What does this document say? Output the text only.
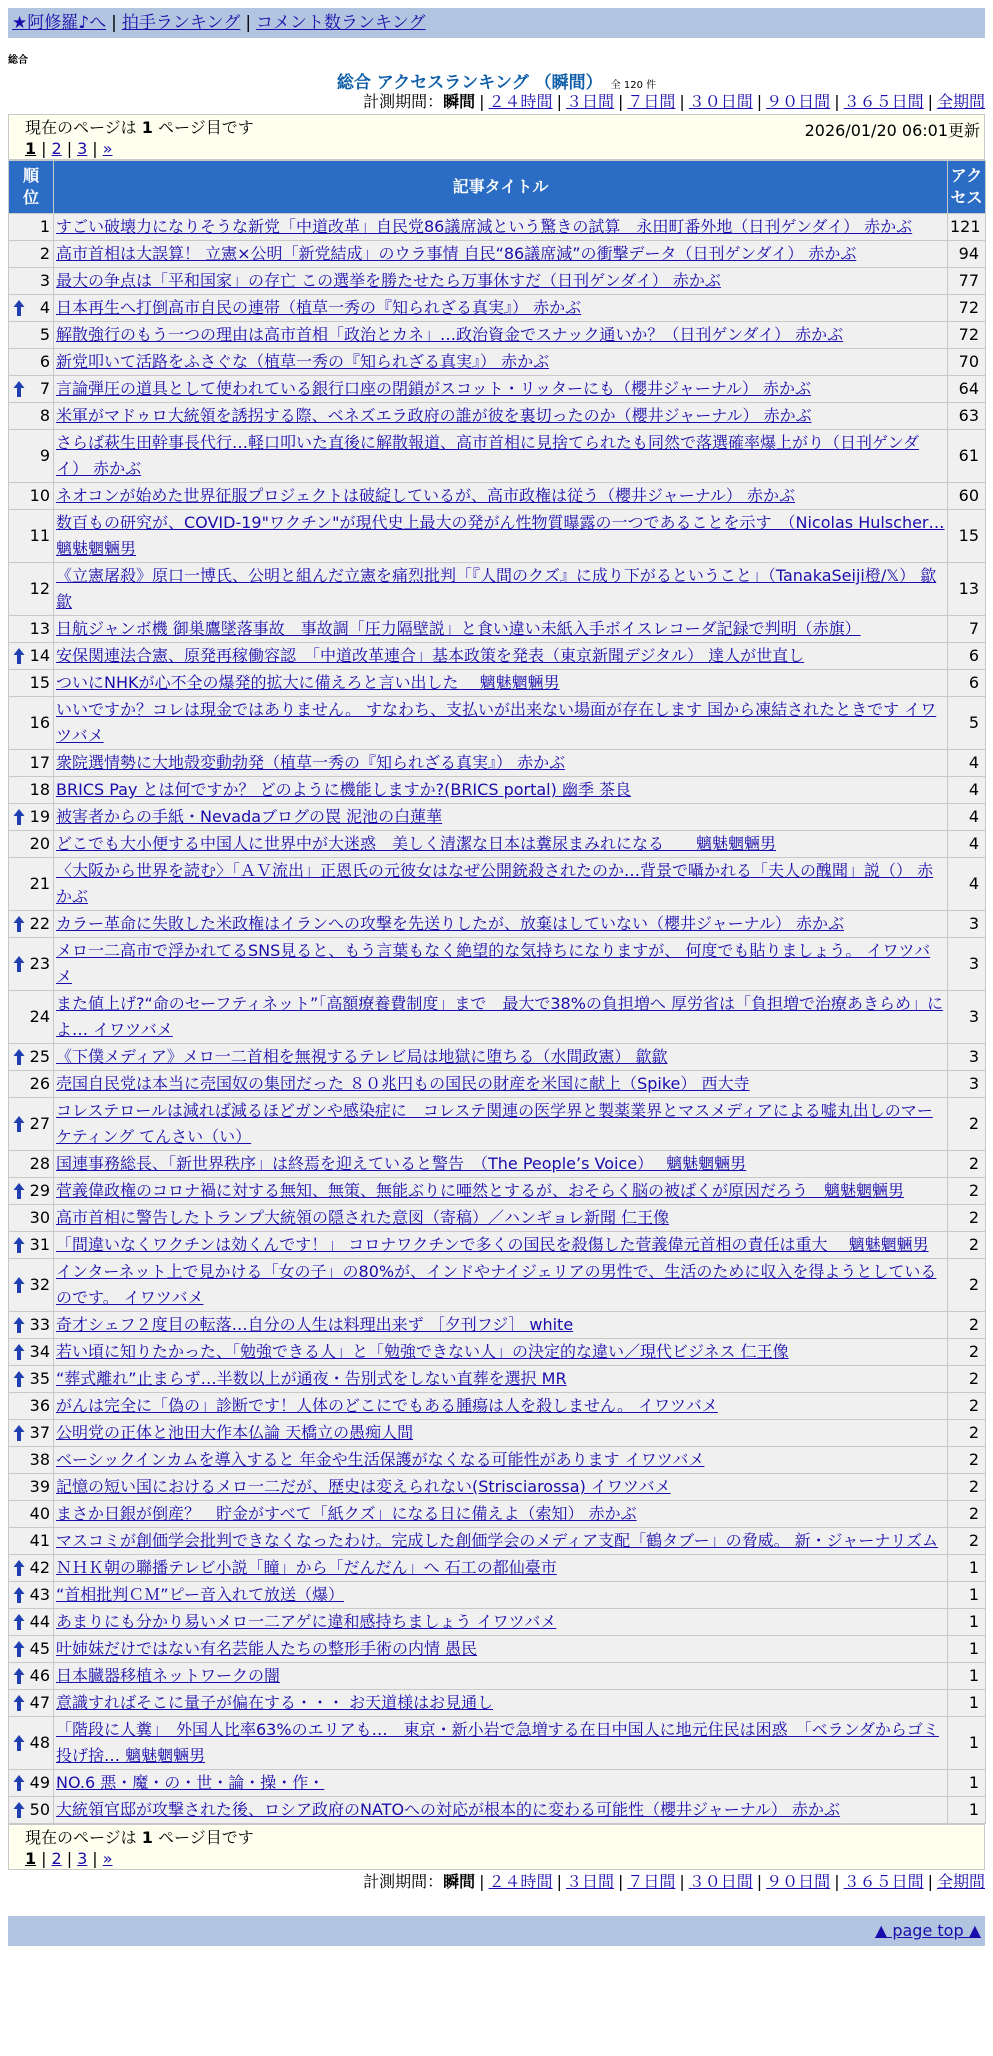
★阿修羅♪へ | 拍手ランキング | コメント数ランキング
総合
総合 アクセスランキング （瞬間） 全 120 件
計測期間：瞬間 | ２４時間 | ３日間 | ７日間 | ３０日間 | ９０日間 | ３６５日間 | 全期間
現在のページは 1 ページ目です	2026/01/20 06:01更新
1 | 2 | 3 | »
順位	記事タイトル	アクセス
1	すごい破壊力になりそうな新党「中道改革」自民党86議席減という驚きの試算　永田町番外地（日刊ゲンダイ） 赤かぶ	121
2	高市首相は大誤算！ 立憲×公明「新党結成」のウラ事情 自民“86議席減”の衝撃データ（日刊ゲンダイ） 赤かぶ	94
3	最大の争点は「平和国家」の存亡 この選挙を勝たせたら万事休すだ（日刊ゲンダイ） 赤かぶ	77

4	日本再生へ打倒高市自民の連帯（植草一秀の『知られざる真実』） 赤かぶ	72
5	解散強行のもう一つの理由は高市首相「政治とカネ」…政治資金でスナック通いか？（日刊ゲンダイ） 赤かぶ	72
6	新党叩いて活路をふさぐな（植草一秀の『知られざる真実』） 赤かぶ	70

7	言論弾圧の道具として使われている銀行口座の閉鎖がスコット・リッターにも（櫻井ジャーナル） 赤かぶ	64
8	米軍がマドゥロ大統領を誘拐する際、ベネズエラ政府の誰が彼を裏切ったのか（櫻井ジャーナル） 赤かぶ	63
9	さらば萩生田幹事長代行…軽口叩いた直後に解散報道、高市首相に見捨てられたも同然で落選確率爆上がり（日刊ゲンダイ） 赤かぶ	61
10	ネオコンが始めた世界征服プロジェクトは破綻しているが、高市政権は従う（櫻井ジャーナル） 赤かぶ	60
11	数百もの研究が、COVID-19"ワクチン"が現代史上最大の発がん性物質曝露の一つであることを示す　（Nicolas Hulscher… 魑魅魍魎男	15
12	《立憲屠殺》原口一博氏、公明と組んだ立憲を痛烈批判「『人間のクズ』に成り下がるということ」（TanakaSeiji橙/𝕏） 歙歙	13
13	日航ジャンボ機 御巣鷹墜落事故　事故調「圧力隔壁説」と食い違い未紙入手ボイスレコーダ記録で判明（赤旗）	7

14	安保関連法合憲、原発再稼働容認　「中道改革連合」基本政策を発表（東京新聞デジタル） 達人が世直し	6
15	ついにNHKが心不全の爆発的拡大に備えろと言い出した　 魑魅魍魎男	6
16	いいですか？コレは現金ではありません。 すなわち、支払いが出来ない場面が存在します 国から凍結されたときです イワツバメ	5
17	衆院選情勢に大地殻変動勃発（植草一秀の『知られざる真実』） 赤かぶ	4
18	BRICS Pay とは何ですか？ どのように機能しますか?(BRICS portal) 幽季 茶良	4

19	被害者からの手紙・Nevadaブログの罠 泥池の白蓮華	4
20	どこでも大小便する中国人に世界中が大迷惑　美しく清潔な日本は糞尿まみれになる　　魑魅魍魎男	4
21	〈大阪から世界を読む〉「ＡＶ流出」正恩氏の元彼女はなぜ公開銃殺されたのか…背景で囁かれる「夫人の醜聞」説（） 赤かぶ	4

22	カラー革命に失敗した米政権はイランへの攻撃を先送りしたが、放棄はしていない（櫻井ジャーナル） 赤かぶ	3

23	メロ一二高市で浮かれてるSNS見ると、もう言葉もなく絶望的な気持ちになりますが、 何度でも貼りましょう。 イワツバメ	3
24	また値上げ?“命のセーフティネット”「高額療養費制度」まで　最大で38%の負担増へ 厚労省は「負担増で治療あきらめ」によ… イワツバメ	3

25	《下僕メディア》メロ一二首相を無視するテレビ局は地獄に堕ちる（水間政憲） 歙歙	3
26	売国自民党は本当に売国奴の集団だった ８０兆円もの国民の財産を米国に献上（Spike） 西大寺	3

27	コレステロールは減れば減るほどガンや感染症に　コレステ関連の医学界と製薬業界とマスメディアによる嘘丸出しのマーケティング てんさい（い）	2
28	国連事務総長、「新世界秩序」は終焉を迎えていると警告　（The People’s Voice）　 魑魅魍魎男	2

29	菅義偉政権のコロナ禍に対する無知、無策、無能ぶりに唖然とするが、おそらく脳の被ばくが原因だろう　魑魅魍魎男	2
30	高市首相に警告したトランプ大統領の隠された意図（寄稿）／ハンギョレ新聞 仁王像	2

31	「間違いなくワクチンは効くんです！」 コロナワクチンで多くの国民を殺傷した菅義偉元首相の責任は重大　 魑魅魍魎男	2

32	インターネット上で見かける「女の子」の80%が、インドやナイジェリアの男性で、生活のために収入を得ようとしているのです。 イワツバメ	2

33	奇才シェフ２度目の転落…自分の人生は料理出来ず ［夕刊フジ］ white	2

34	若い頃に知りたかった、「勉強できる人」と「勉強できない人」の決定的な違い／現代ビジネス 仁王像	2

35	“葬式離れ”止まらず…半数以上が通夜・告別式をしない直葬を選択 MR	2
36	がんは完全に「偽の」診断です！人体のどこにでもある腫瘍は人を殺しません。 イワツバメ	2

37	公明党の正体と池田大作本仏論 天橋立の愚痴人間	2
38	ベーシックインカムを導入すると 年金や生活保護がなくなる可能性があります イワツバメ	2
39	記憶の短い国におけるメロ一二だが、歴史は変えられない(Strisciarossa) イワツバメ	2
40	まさか日銀が倒産？　貯金がすべて「紙クズ」になる日に備えよ（索知） 赤かぶ	2
41	マスコミが創価学会批判できなくなったわけ。完成した創価学会のメディア支配「鶴タブー」の脅威。 新・ジャーナリズム	2

42	ＮＨＫ朝の聯播テレビ小説「瞳」から「だんだん」へ 石工の都仙臺市	1

43	“首相批判ＣＭ”ピー音入れて放送（爆）	1

44	あまりにも分かり易いメロ一二アゲに違和感持ちましょう イワツバメ	1

45	叶姉妹だけではない有名芸能人たちの整形手術の内情 愚民	1

46	日本臓器移植ネットワークの闇	1

47	意識すればそこに量子が偏在する・・・ お天道様はお見通し	1

48	「階段に人糞」　外国人比率63%のエリアも…　東京・新小岩で急増する在日中国人に地元住民は困惑　「ベランダからゴミ投げ捨… 魑魅魍魎男	1

49	NO.6 悪・魔・の・世・論・操・作・	1

50	大統領官邸が攻撃された後、ロシア政府のNATOへの対応が根本的に変わる可能性（櫻井ジャーナル） 赤かぶ	1
現在のページは 1 ページ目です
1 | 2 | 3 | »
計測期間：瞬間 | ２４時間 | ３日間 | ７日間 | ３０日間 | ９０日間 | ３６５日間 | 全期間
▲ page top ▲
